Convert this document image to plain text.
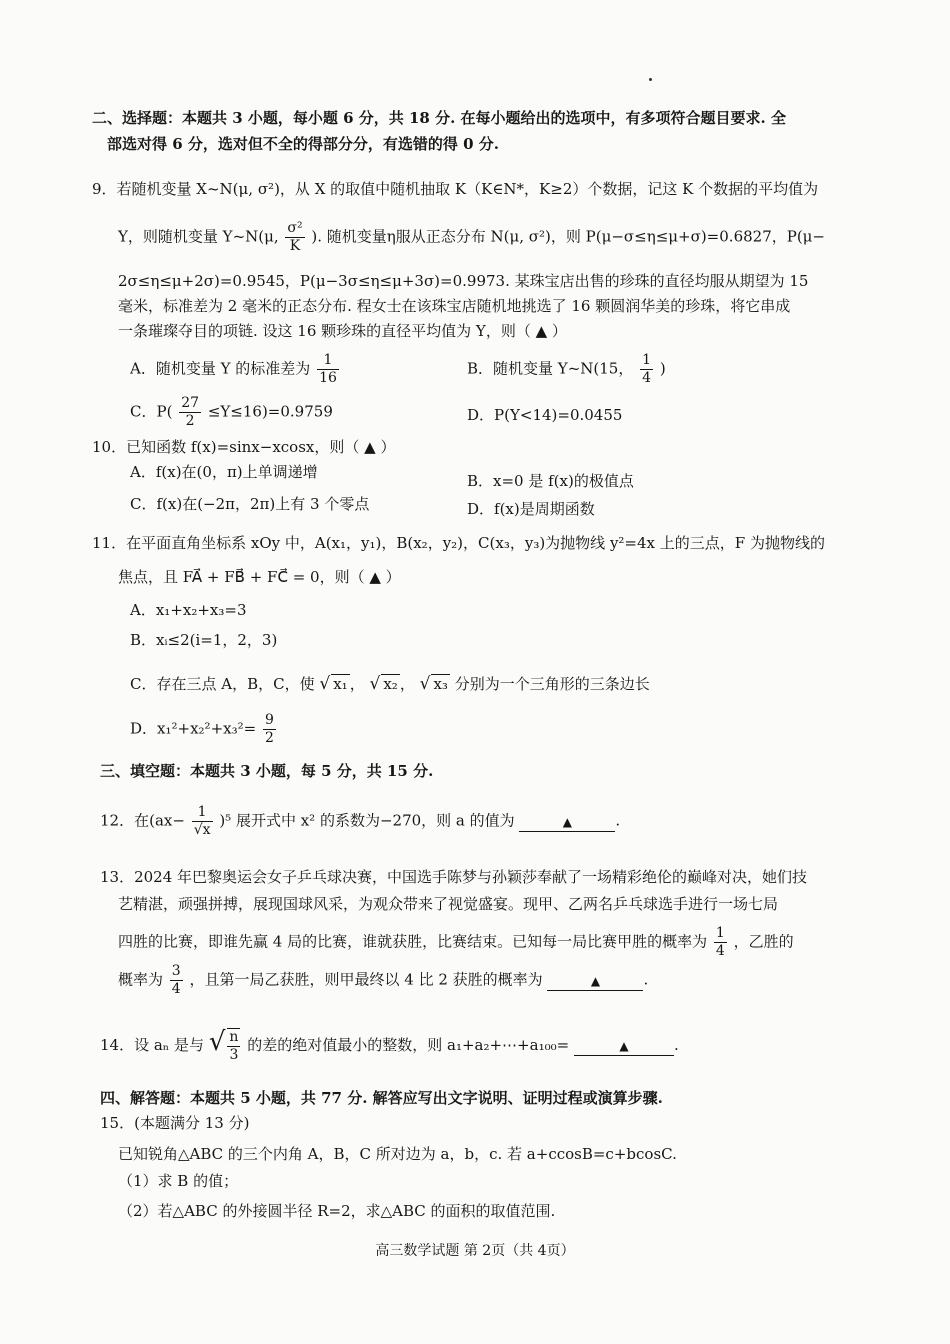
二、选择题：本题共 3 小题，每小题 6 分，共 18 分. 在每小题给出的选项中，有多项符合题目要求. 全
部选对得 6 分，选对但不全的得部分分，有选错的得 0 分.
9．若随机变量 X~N(μ, σ²)，从 X 的取值中随机抽取 K（K∈N*，K≥2）个数据，记这 K 个数据的平均值为
Y，则随机变量 Y~N(μ, $\frac{\text{σ²}}{K}$ ). 随机变量η服从正态分布 N(μ, σ²)，则 P(μ−σ≤η≤μ+σ)=0.6827，P(μ−
2σ≤η≤μ+2σ)=0.9545，P(μ−3σ≤η≤μ+3σ)=0.9973. 某珠宝店出售的珍珠的直径均服从期望为 15
毫米，标准差为 2 毫米的正态分布. 程女士在该珠宝店随机地挑选了 16 颗圆润华美的珍珠，将它串成
一条璀璨夺目的项链. 设这 16 颗珍珠的直径平均值为 Y，则（ ▲ ）
A．随机变量 Y 的标准差为 $\frac{1}{16}$	B．随机变量 Y~N(15， $\frac{1}{4}$ )
C．$P( \frac{27}{2} \le Y\le 16)=0.9759$	D．P(Y<14)=0.0455
10．已知函数 f(x)=sinx−xcosx，则（ ▲ ）
A．f(x)在(0，π)上单调递增	B．x=0 是 f(x)的极值点
C．f(x)在(−2π，2π)上有 3 个零点	D．f(x)是周期函数
11．在平面直角坐标系 xOy 中，A(x₁，y₁)，B(x₂，y₂)，C(x₃，y₃)为抛物线 y²=4x 上的三点，F 为抛物线的
焦点，且 FA⃗ + FB⃗ + FC⃗ = 0，则（ ▲ ）
A．x₁+x₂+x₃=3
B．xᵢ≤2(i=1，2，3)
C．存在三点 A，B，C，使 √ x₁ ， √ x₂ ， √ x₃ 分别为一个三角形的三条边长
D．$x_1^2+x_2^2+x_3^2= \frac{9}{2}$
三、填空题：本题共 3 小题，每 5 分，共 15 分.
12．在$(ax- \frac{1}{√x} )^5$ 展开式中 x² 的系数为−270，则 a 的值为	▲	.
13．2024 年巴黎奥运会女子乒乓球决赛，中国选手陈梦与孙颖莎奉献了一场精彩绝伦的巅峰对决，她们技
艺精湛，顽强拼搏，展现国球风采，为观众带来了视觉盛宴。现甲、乙两名乒乓球选手进行一场七局
四胜的比赛，即谁先赢 4 局的比赛，谁就获胜，比赛结束。已知每一局比赛甲胜的概率为 $\frac{1}{4}$ ，乙胜的
概率为 $\frac{3}{4}$ ，且第一局乙获胜，则甲最终以 4 比 2 获胜的概率为	▲	.
14．设 aₙ 是与 √ $\frac{n}{3}$ 的差的绝对值最小的整数，则 a₁+a₂+⋯+a₁₀₀=	▲	.
四、解答题：本题共 5 小题，共 77 分. 解答应写出文字说明、证明过程或演算步骤.
15．(本题满分 13 分)
已知锐角△ABC 的三个内角 A，B，C 所对边为 a，b，c. 若 a+ccosB=c+bcosC.
（1）求 B 的值；
（2）若△ABC 的外接圆半径 R=2，求△ABC 的面积的取值范围.
高三数学试题 第 2页（共 4页）
